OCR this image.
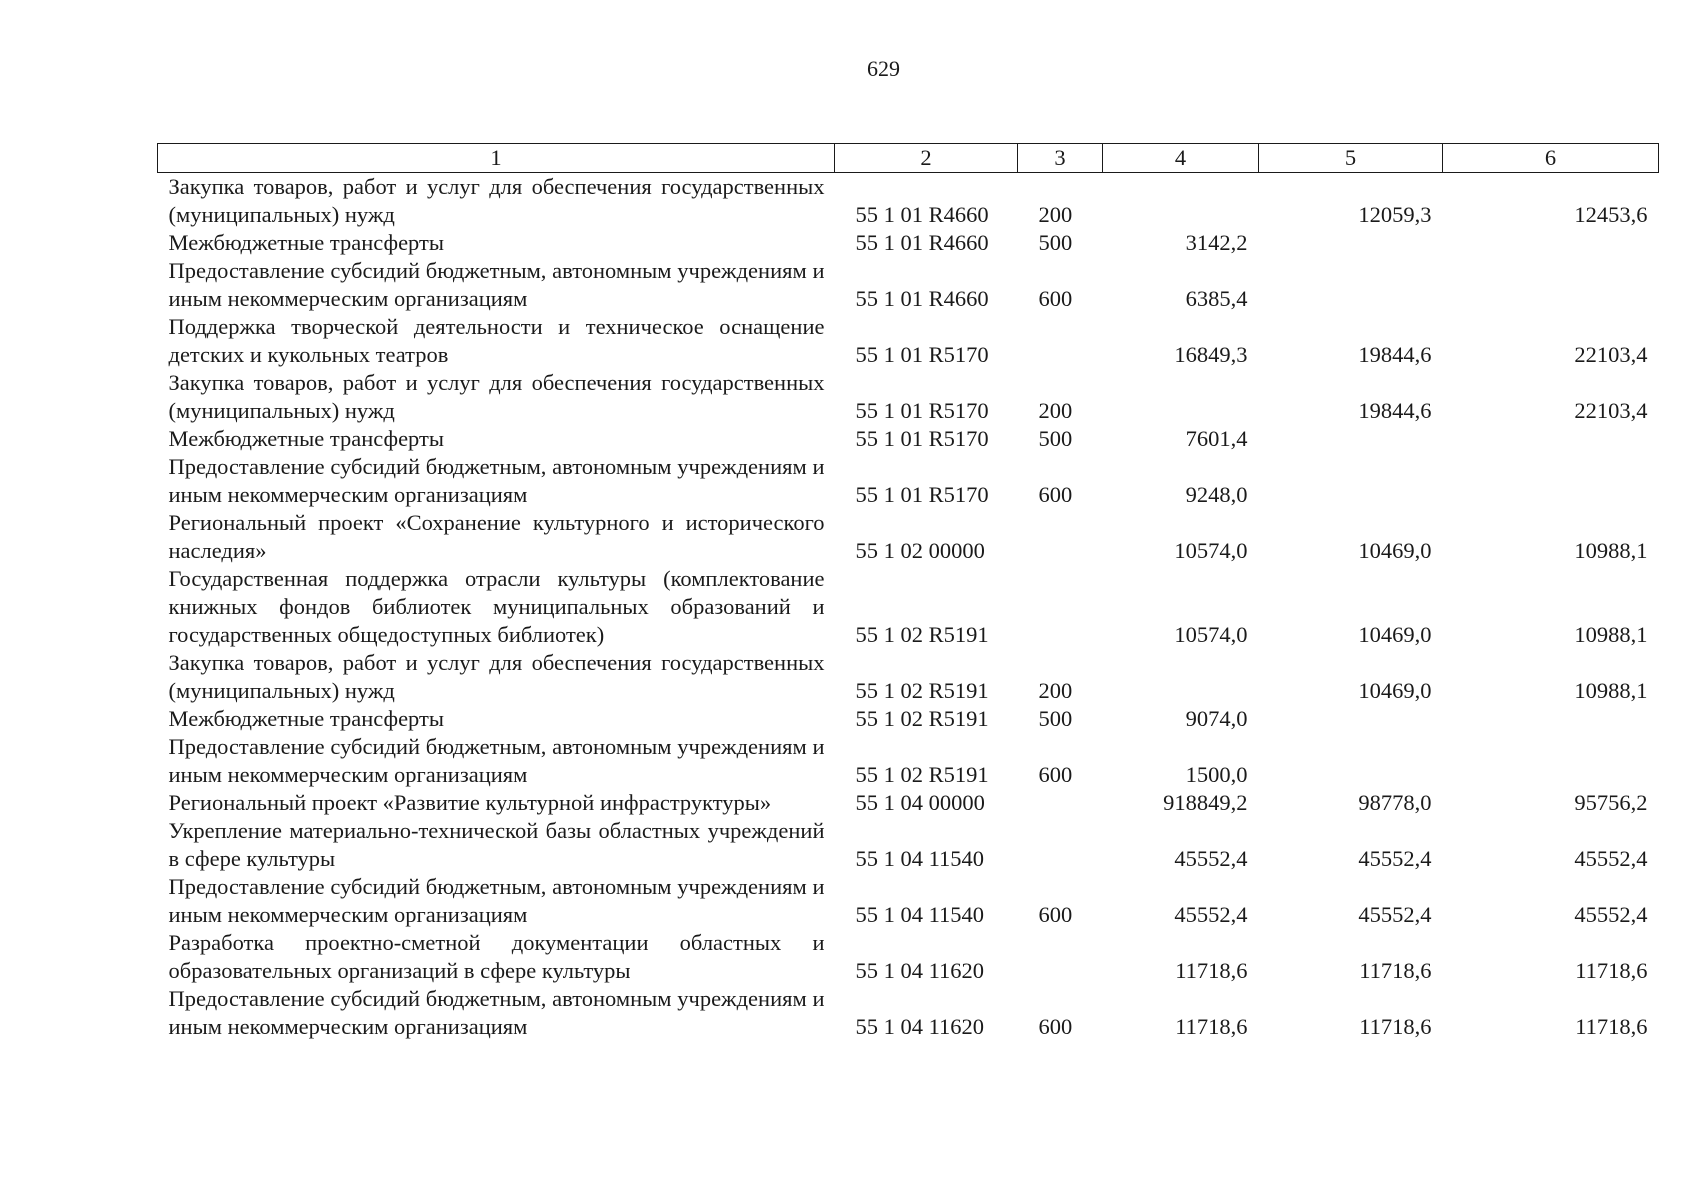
629
1	2	3	4	5	6
Закупка товаров, работ и услуг для обеспечения государственных (муниципальных) нужд	55 1 01 R4660	200		12059,3	12453,6
Межбюджетные трансферты	55 1 01 R4660	500	3142,2		
Предоставление субсидий бюджетным, автономным учреждениям и иным некоммерческим организациям	55 1 01 R4660	600	6385,4		
Поддержка творческой деятельности и техническое оснащение детских и кукольных театров	55 1 01 R5170		16849,3	19844,6	22103,4
Закупка товаров, работ и услуг для обеспечения государственных (муниципальных) нужд	55 1 01 R5170	200		19844,6	22103,4
Межбюджетные трансферты	55 1 01 R5170	500	7601,4		
Предоставление субсидий бюджетным, автономным учреждениям и иным некоммерческим организациям	55 1 01 R5170	600	9248,0		
Региональный проект «Сохранение культурного и исторического наследия»	55 1 02 00000		10574,0	10469,0	10988,1
Государственная поддержка отрасли культуры (комплектование книжных фондов библиотек муниципальных образований и государственных общедоступных библиотек)	55 1 02 R5191		10574,0	10469,0	10988,1
Закупка товаров, работ и услуг для обеспечения государственных (муниципальных) нужд	55 1 02 R5191	200		10469,0	10988,1
Межбюджетные трансферты	55 1 02 R5191	500	9074,0		
Предоставление субсидий бюджетным, автономным учреждениям и иным некоммерческим организациям	55 1 02 R5191	600	1500,0		
Региональный проект «Развитие культурной инфраструктуры»	55 1 04 00000		918849,2	98778,0	95756,2
Укрепление материально-технической базы областных учреждений в сфере культуры	55 1 04 11540		45552,4	45552,4	45552,4
Предоставление субсидий бюджетным, автономным учреждениям и иным некоммерческим организациям	55 1 04 11540	600	45552,4	45552,4	45552,4
Разработка проектно-сметной документации областных и образовательных организаций в сфере культуры	55 1 04 11620		11718,6	11718,6	11718,6
Предоставление субсидий бюджетным, автономным учреждениям и иным некоммерческим организациям	55 1 04 11620	600	11718,6	11718,6	11718,6
